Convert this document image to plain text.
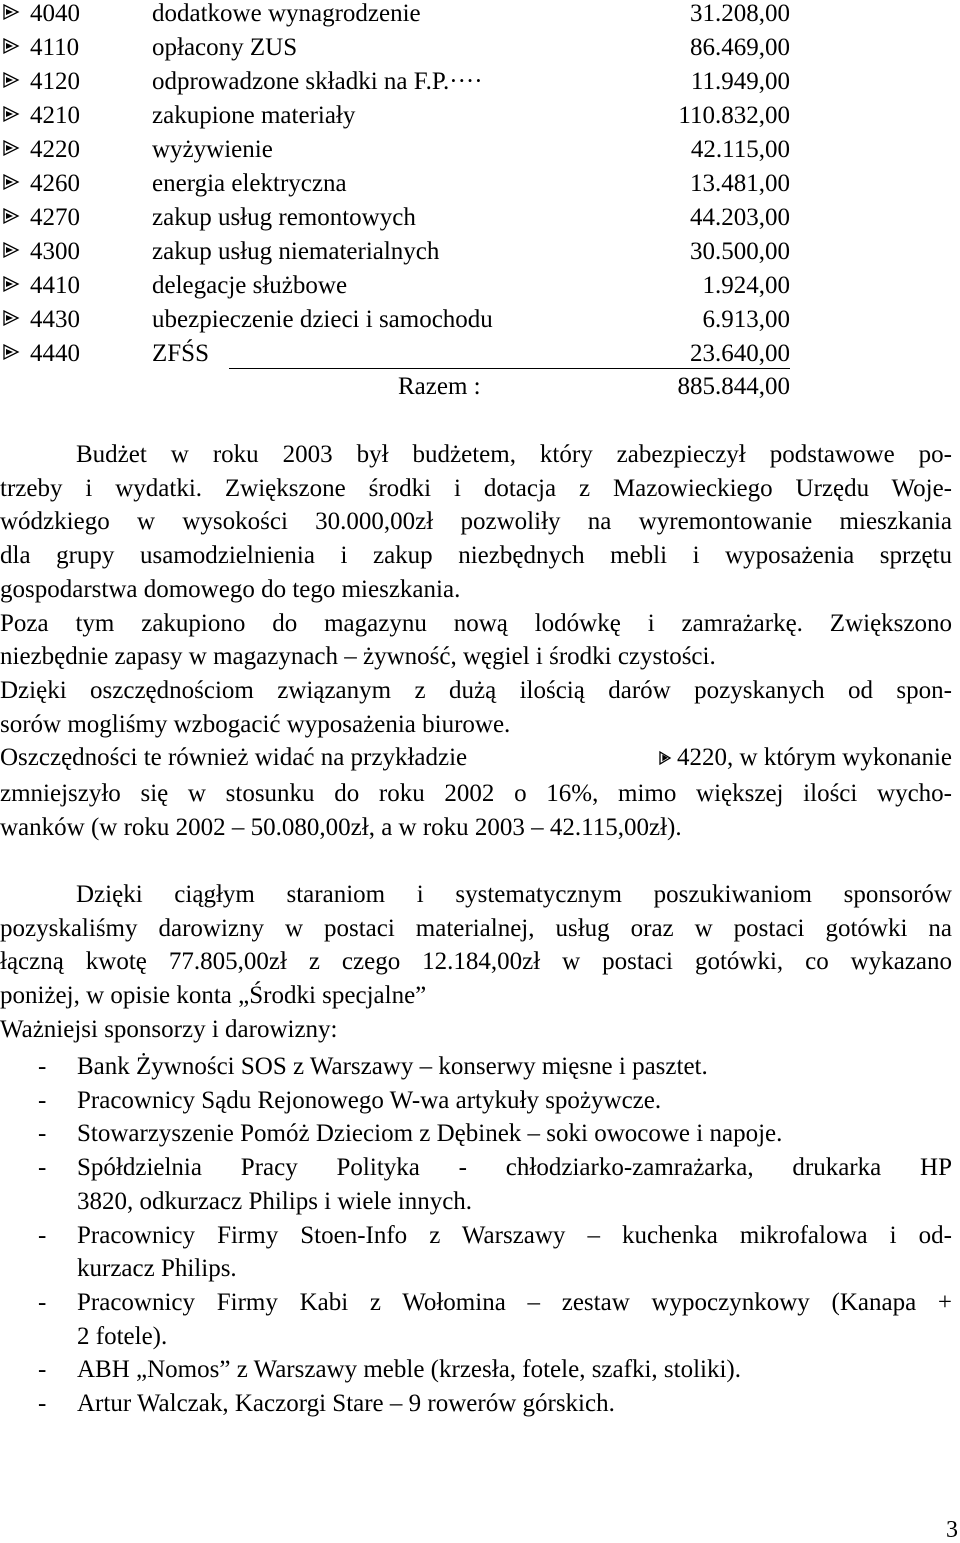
4040	dodatkowe wynagrodzenie	31.208,00
4110	opłacony ZUS	86.469,00
4120	odprowadzone składki na F.P.····	11.949,00
4210	zakupione materiały	110.832,00
4220	wyżywienie	42.115,00
4260	energia elektryczna	13.481,00
4270	zakup usług remontowych	44.203,00
4300	zakup usług niematerialnych	30.500,00
4410	delegacje służbowe	1.924,00
4430	ubezpieczenie dzieci i samochodu	6.913,00
4440	ZFŚS	23.640,00
Razem :	885.844,00
Budżet w roku 2003 był budżetem, który zabezpieczył podstawowe po-
trzeby i wydatki. Zwiększone środki i dotacja z Mazowieckiego Urzędu Woje-
wódzkiego w wysokości 30.000,00zł pozwoliły na wyremontowanie mieszkania
dla grupy usamodzielnienia i zakup niezbędnych mebli i wyposażenia sprzętu
gospodarstwa domowego do tego mieszkania.
Poza tym zakupiono do magazynu nową lodówkę i zamrażarkę. Zwiększono
niezbędnie zapasy w magazynach – żywność, węgiel i środki czystości.
Dzięki oszczędnościom związanym z dużą ilością darów pozyskanych od spon-
sorów mogliśmy wzbogacić wyposażenia biurowe.
Oszczędności te również widać na przykładzie	4220, w którym wykonanie
zmniejszyło się w stosunku do roku 2002 o 16%, mimo większej ilości wycho-
wanków (w roku 2002 – 50.080,00zł, a w roku 2003 – 42.115,00zł).
Dzięki ciągłym staraniom i systematycznym poszukiwaniom sponsorów
pozyskaliśmy darowizny w postaci materialnej, usług oraz w postaci gotówki na
łączną kwotę 77.805,00zł z czego 12.184,00zł w postaci gotówki, co wykazano
poniżej, w opisie konta „Środki specjalne”
Ważniejsi sponsorzy i darowizny:
- Bank Żywności SOS z Warszawy – konserwy mięsne i pasztet.
- Pracownicy Sądu Rejonowego W-wa artykuły spożywcze.
- Stowarzyszenie Pomóż Dzieciom z Dębinek – soki owocowe i napoje.
- Spółdzielnia Pracy Polityka - chłodziarko-zamrażarka, drukarka HP
3820, odkurzacz Philips i wiele innych.
- Pracownicy Firmy Stoen-Info z Warszawy – kuchenka mikrofalowa i od-
kurzacz Philips.
- Pracownicy Firmy Kabi z Wołomina – zestaw wypoczynkowy (Kanapa +
2 fotele).
- ABH „Nomos” z Warszawy meble (krzesła, fotele, szafki, stoliki).
- Artur Walczak, Kaczorgi Stare – 9 rowerów górskich.
3
